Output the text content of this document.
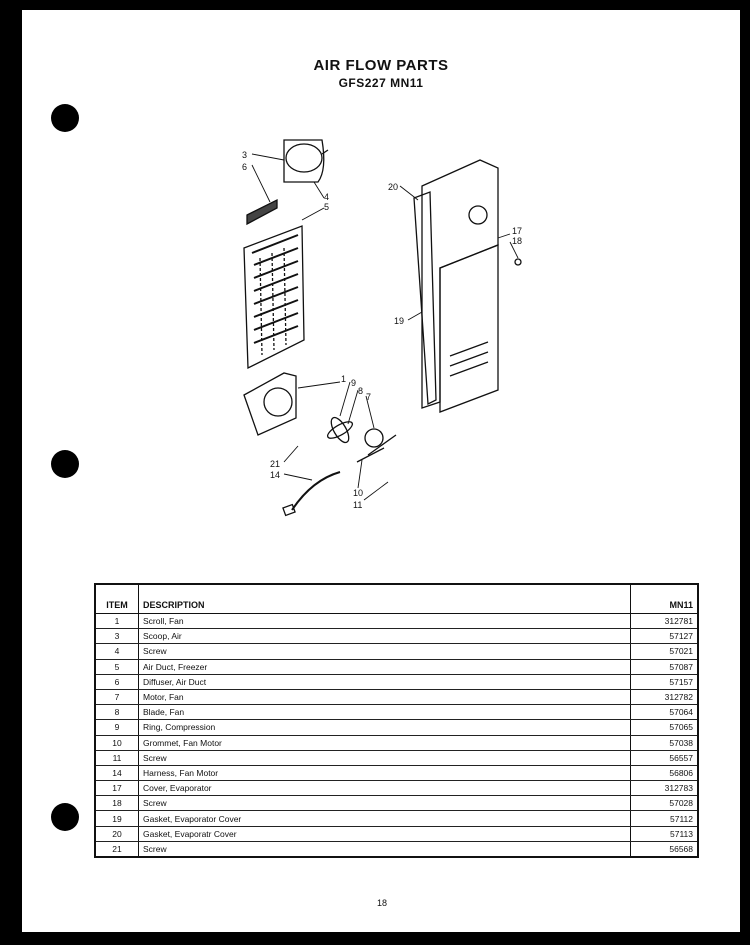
AIR FLOW PARTS
GFS227 MN11
3
6
4
5
20
17
18
19
1 9
8
7
21
14
10
11
ITEM	DESCRIPTION	MN11
1	Scroll, Fan	312781
3	Scoop, Air	57127
4	Screw	57021
5	Air Duct, Freezer	57087
6	Diffuser, Air Duct	57157
7	Motor, Fan	312782
8	Blade, Fan	57064
9	Ring, Compression	57065
10	Grommet, Fan Motor	57038
11	Screw	56557
14	Harness, Fan Motor	56806
17	Cover, Evaporator	312783
18	Screw	57028
19	Gasket, Evaporator Cover	57112
20	Gasket, Evaporatr Cover	57113
21	Screw	56568
18
